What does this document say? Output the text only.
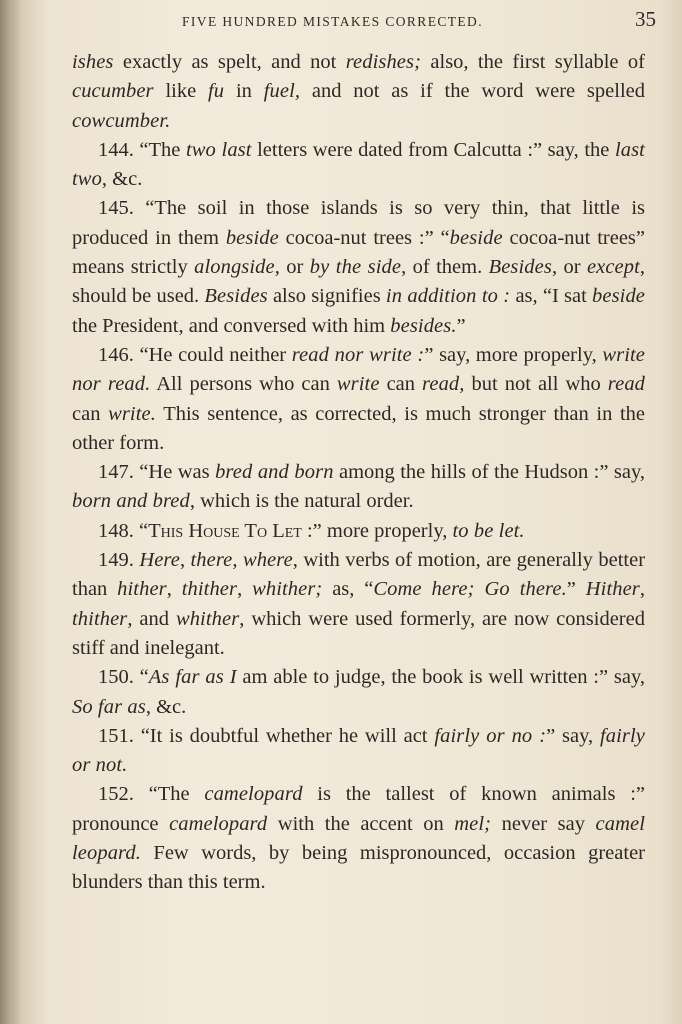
FIVE HUNDRED MISTAKES CORRECTED.	35

ishes exactly as spelt, and not redishes; also, the first syllable of cucumber like fu in fuel, and not as if the word were spelled cowcumber.

144. “The two last letters were dated from Calcutta :” say, the last two, &c.

145. “The soil in those islands is so very thin, that little is produced in them beside cocoa-nut trees :” “beside cocoa-nut trees” means strictly alongside, or by the side, of them. Besides, or except, should be used. Besides also signifies in addition to : as, “I sat beside the President, and conversed with him besides.”

146. “He could neither read nor write :” say, more properly, write nor read. All persons who can write can read, but not all who read can write. This sentence, as corrected, is much stronger than in the other form.

147. “He was bred and born among the hills of the Hudson :” say, born and bred, which is the natural order.

148. “This House To Let :” more properly, to be let.

149. Here, there, where, with verbs of motion, are generally better than hither, thither, whither; as, “Come here; Go there.” Hither, thither, and whither, which were used formerly, are now considered stiff and inelegant.

150. “As far as I am able to judge, the book is well written :” say, So far as, &c.

151. “It is doubtful whether he will act fairly or no :” say, fairly or not.

152. “The camelopard is the tallest of known animals :” pronounce camelopard with the accent on mel; never say camel leopard. Few words, by being mispronounced, occasion greater blunders than this term.
